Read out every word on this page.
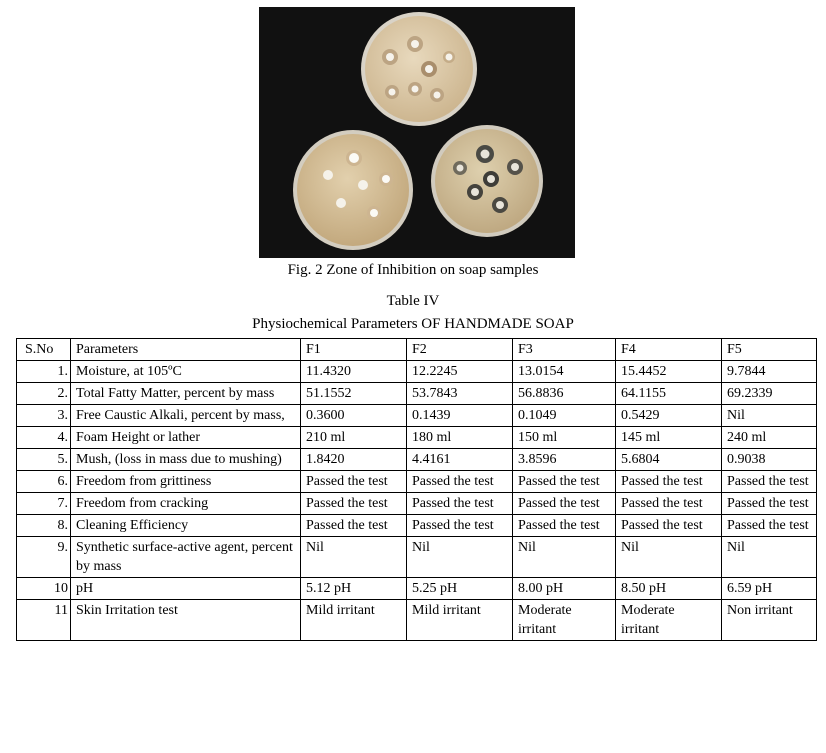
Fig. 2 Zone of Inhibition on soap samples
Table IV
Physiochemical Parameters OF HANDMADE SOAP
S.No	Parameters	F1	F2	F3	F4	F5
1.	Moisture, at 105ºC	11.4320	12.2245	13.0154	15.4452	9.7844
2.	Total Fatty Matter, percent by mass	51.1552	53.7843	56.8836	64.1155	69.2339
3.	Free Caustic Alkali, percent by mass,	0.3600	0.1439	0.1049	0.5429	Nil
4.	Foam Height or lather	210 ml	180 ml	150 ml	145 ml	240 ml
5.	Mush, (loss in mass due to mushing)	1.8420	4.4161	3.8596	5.6804	0.9038
6.	Freedom from grittiness	Passed the test	Passed the test	Passed the test	Passed the test	Passed the test
7.	Freedom from cracking	Passed the test	Passed the test	Passed the test	Passed the test	Passed the test
8.	Cleaning Efficiency	Passed the test	Passed the test	Passed the test	Passed the test	Passed the test
9.	Synthetic surface-active agent, percent by mass	Nil	Nil	Nil	Nil	Nil
10	pH	5.12 pH	5.25 pH	8.00 pH	8.50 pH	6.59 pH
11	Skin Irritation test	Mild irritant	Mild irritant	Moderate irritant	Moderate irritant	Non irritant
